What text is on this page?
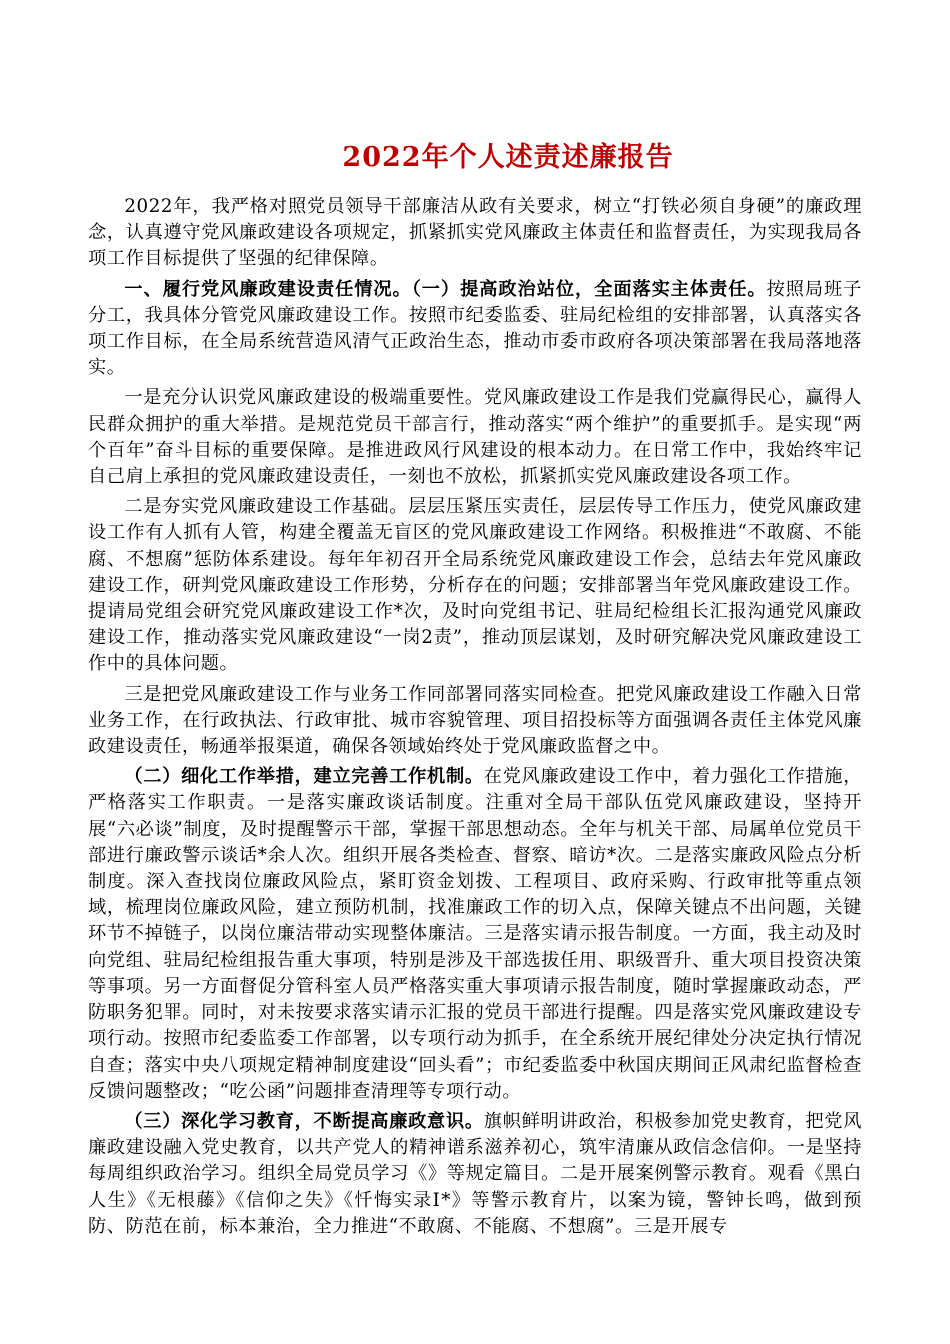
2022年个人述责述廉报告

2022年，我严格对照党员领导干部廉洁从政有关要求，树立“打铁必须自身硬”的廉政理念，认真遵守党风廉政建设各项规定，抓紧抓实党风廉政主体责任和监督责任，为实现我局各项工作目标提供了坚强的纪律保障。

一、履行党风廉政建设责任情况。（一）提高政治站位，全面落实主体责任。按照局班子分工，我具体分管党风廉政建设工作。按照市纪委监委、驻局纪检组的安排部署，认真落实各项工作目标，在全局系统营造风清气正政治生态，推动市委市政府各项决策部署在我局落地落实。

一是充分认识党风廉政建设的极端重要性。党风廉政建设工作是我们党赢得民心，赢得人民群众拥护的重大举措。是规范党员干部言行，推动落实“两个维护”的重要抓手。是实现“两个百年”奋斗目标的重要保障。是推进政风行风建设的根本动力。在日常工作中，我始终牢记自己肩上承担的党风廉政建设责任，一刻也不放松，抓紧抓实党风廉政建设各项工作。

二是夯实党风廉政建设工作基础。层层压紧压实责任，层层传导工作压力，使党风廉政建设工作有人抓有人管，构建全覆盖无盲区的党风廉政建设工作网络。积极推进“不敢腐、不能腐、不想腐”惩防体系建设。每年年初召开全局系统党风廉政建设工作会，总结去年党风廉政建设工作，研判党风廉政建设工作形势，分析存在的问题；安排部署当年党风廉政建设工作。提请局党组会研究党风廉政建设工作*次，及时向党组书记、驻局纪检组长汇报沟通党风廉政建设工作，推动落实党风廉政建设“一岗2责”，推动顶层谋划，及时研究解决党风廉政建设工作中的具体问题。

三是把党风廉政建设工作与业务工作同部署同落实同检查。把党风廉政建设工作融入日常业务工作，在行政执法、行政审批、城市容貌管理、项目招投标等方面强调各责任主体党风廉政建设责任，畅通举报渠道，确保各领域始终处于党风廉政监督之中。

（二）细化工作举措，建立完善工作机制。在党风廉政建设工作中，着力强化工作措施，严格落实工作职责。一是落实廉政谈话制度。注重对全局干部队伍党风廉政建设，坚持开展“六必谈”制度，及时提醒警示干部，掌握干部思想动态。全年与机关干部、局属单位党员干部进行廉政警示谈话*余人次。组织开展各类检查、督察、暗访*次。二是落实廉政风险点分析制度。深入查找岗位廉政风险点，紧盯资金划拨、工程项目、政府采购、行政审批等重点领域，梳理岗位廉政风险，建立预防机制，找准廉政工作的切入点，保障关键点不出问题，关键环节不掉链子，以岗位廉洁带动实现整体廉洁。三是落实请示报告制度。一方面，我主动及时向党组、驻局纪检组报告重大事项，特别是涉及干部选拔任用、职级晋升、重大项目投资决策等事项。另一方面督促分管科室人员严格落实重大事项请示报告制度，随时掌握廉政动态，严防职务犯罪。同时，对未按要求落实请示汇报的党员干部进行提醒。四是落实党风廉政建设专项行动。按照市纪委监委工作部署，以专项行动为抓手，在全系统开展纪律处分决定执行情况自查；落实中央八项规定精神制度建设“回头看”；市纪委监委中秋国庆期间正风肃纪监督检查反馈问题整改；“吃公函”问题排查清理等专项行动。

（三）深化学习教育，不断提高廉政意识。旗帜鲜明讲政治，积极参加党史教育，把党风廉政建设融入党史教育，以共产党人的精神谱系滋养初心，筑牢清廉从政信念信仰。一是坚持每周组织政治学习。组织全局党员学习《》等规定篇目。二是开展案例警示教育。观看《黑白人生》《无根藤》《信仰之失》《忏悔实录Ⅰ*》等警示教育片，以案为镜，警钟长鸣，做到预防、防范在前，标本兼治，全力推进“不敢腐、不能腐、不想腐”。三是开展专
